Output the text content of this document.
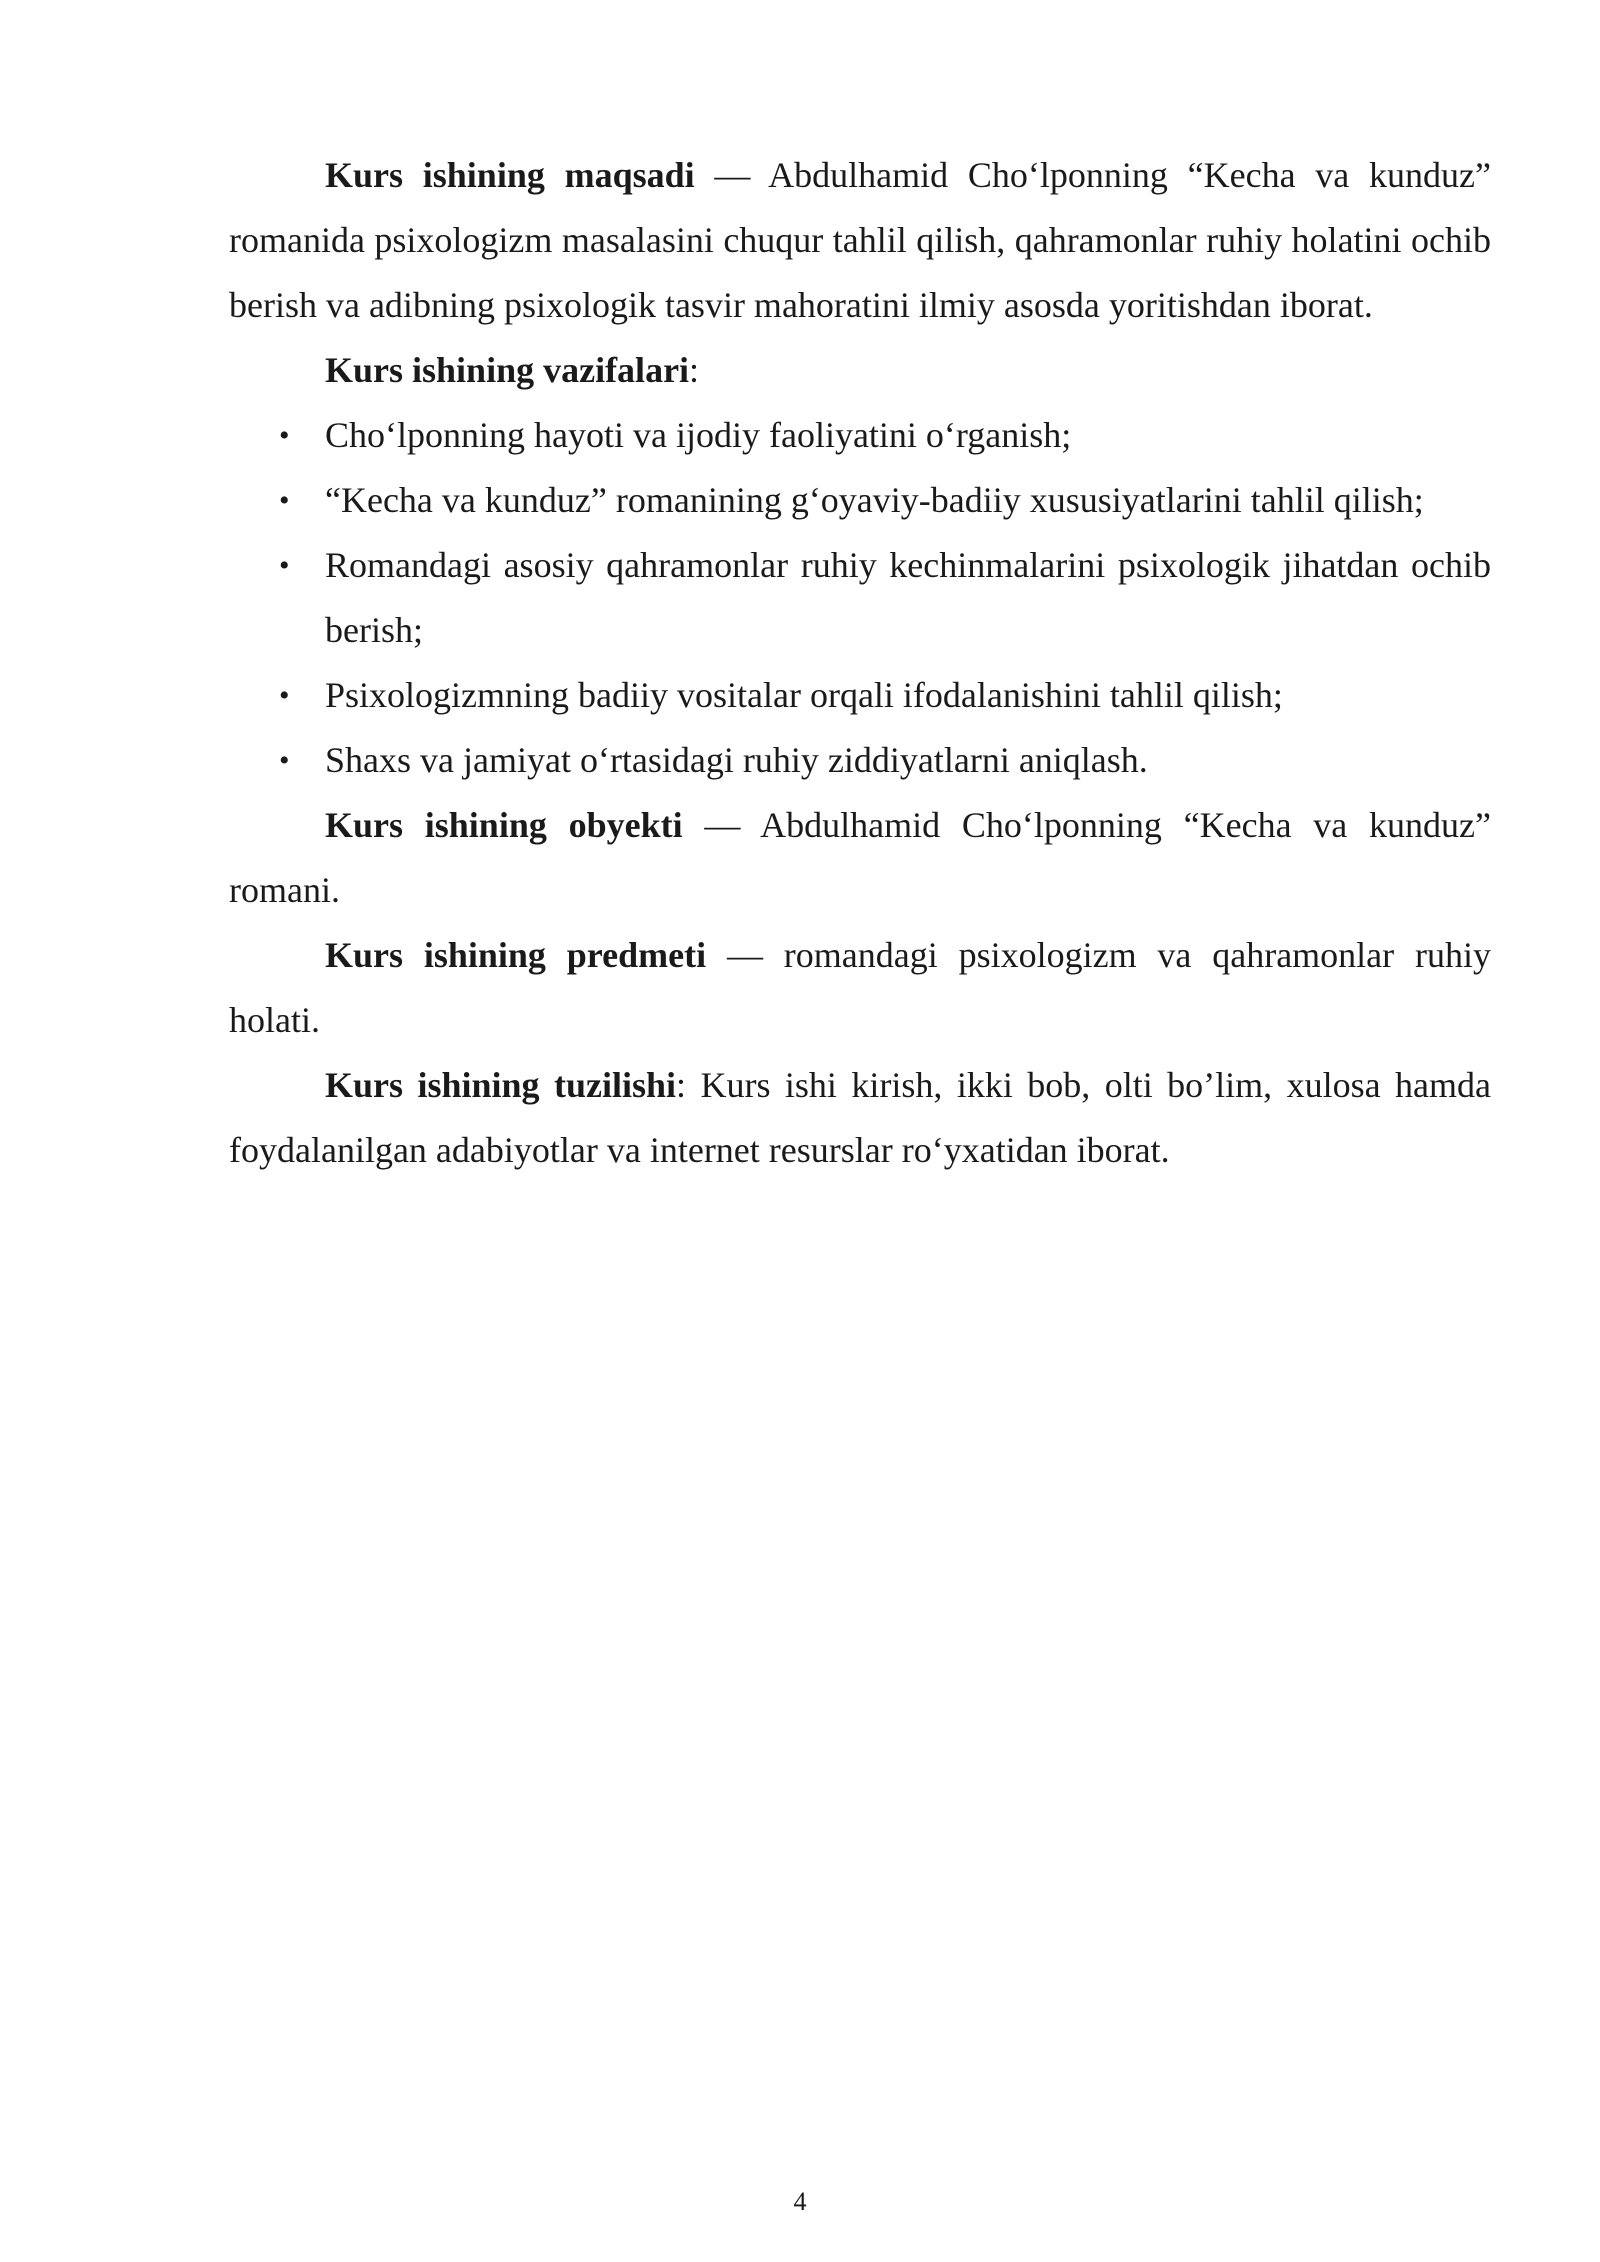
Kurs ishining maqsadi — Abdulhamid Cho‘lponning “Kecha va kunduz” romanida psixologizm masalasini chuqur tahlil qilish, qahramonlar ruhiy holatini ochib berish va adibning psixologik tasvir mahoratini ilmiy asosda yoritishdan iborat.

Kurs ishining vazifalari:

• Cho‘lponning hayoti va ijodiy faoliyatini o‘rganish;
• “Kecha va kunduz” romanining g‘oyaviy-badiiy xususiyatlarini tahlil qilish;
• Romandagi asosiy qahramonlar ruhiy kechinmalarini psixologik jihatdan ochib berish;
• Psixologizmning badiiy vositalar orqali ifodalanishini tahlil qilish;
• Shaxs va jamiyat o‘rtasidagi ruhiy ziddiyatlarni aniqlash.

Kurs ishining obyekti — Abdulhamid Cho‘lponning “Kecha va kunduz” romani.

Kurs ishining predmeti — romandagi psixologizm va qahramonlar ruhiy holati.

Kurs ishining tuzilishi: Kurs ishi kirish, ikki bob, olti bo’lim, xulosa hamda foydalanilgan adabiyotlar va internet resurslar ro‘yxatidan iborat.

4
